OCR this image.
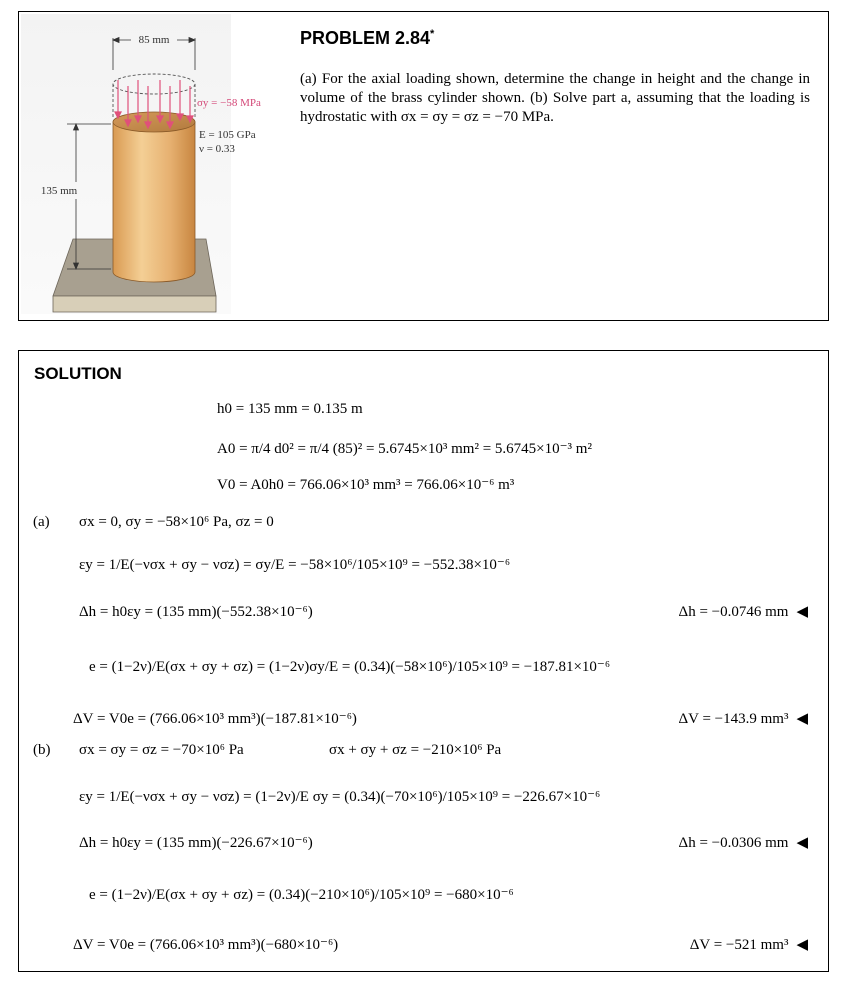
85 mm
135 mm
σy = −58 MPa
E = 105 GPa
ν = 0.33
PROBLEM 2.84*
(a) For the axial loading shown, determine the change in height and the change in volume of the brass cylinder shown. (b) Solve part a, assuming that the loading is hydrostatic with σx = σy = σz = −70 MPa.
SOLUTION
h0 = 135 mm = 0.135 m
A0 = π/4 d0² = π/4 (85)² = 5.6745×10³ mm² = 5.6745×10⁻³ m²
V0 = A0h0 = 766.06×10³ mm³ = 766.06×10⁻⁶ m³
(a) σx = 0, σy = −58×10⁶ Pa, σz = 0
εy = 1/E(−νσx + σy − νσz) = σy/E = −58×10⁶/105×10⁹ = −552.38×10⁻⁶
Δh = h0εy = (135 mm)(−552.38×10⁻⁶)	Δh = −0.0746 mm ◀
e = (1−2ν)/E(σx + σy + σz) = (1−2ν)σy/E = (0.34)(−58×10⁶)/105×10⁹ = −187.81×10⁻⁶
ΔV = V0e = (766.06×10³ mm³)(−187.81×10⁻⁶)	ΔV = −143.9 mm³ ◀
(b) σx = σy = σz = −70×10⁶ Pa	σx + σy + σz = −210×10⁶ Pa
εy = 1/E(−νσx + σy − νσz) = (1−2ν)/E σy = (0.34)(−70×10⁶)/105×10⁹ = −226.67×10⁻⁶
Δh = h0εy = (135 mm)(−226.67×10⁻⁶)	Δh = −0.0306 mm ◀
e = (1−2ν)/E(σx + σy + σz) = (0.34)(−210×10⁶)/105×10⁹ = −680×10⁻⁶
ΔV = V0e = (766.06×10³ mm³)(−680×10⁻⁶)	ΔV = −521 mm³ ◀
